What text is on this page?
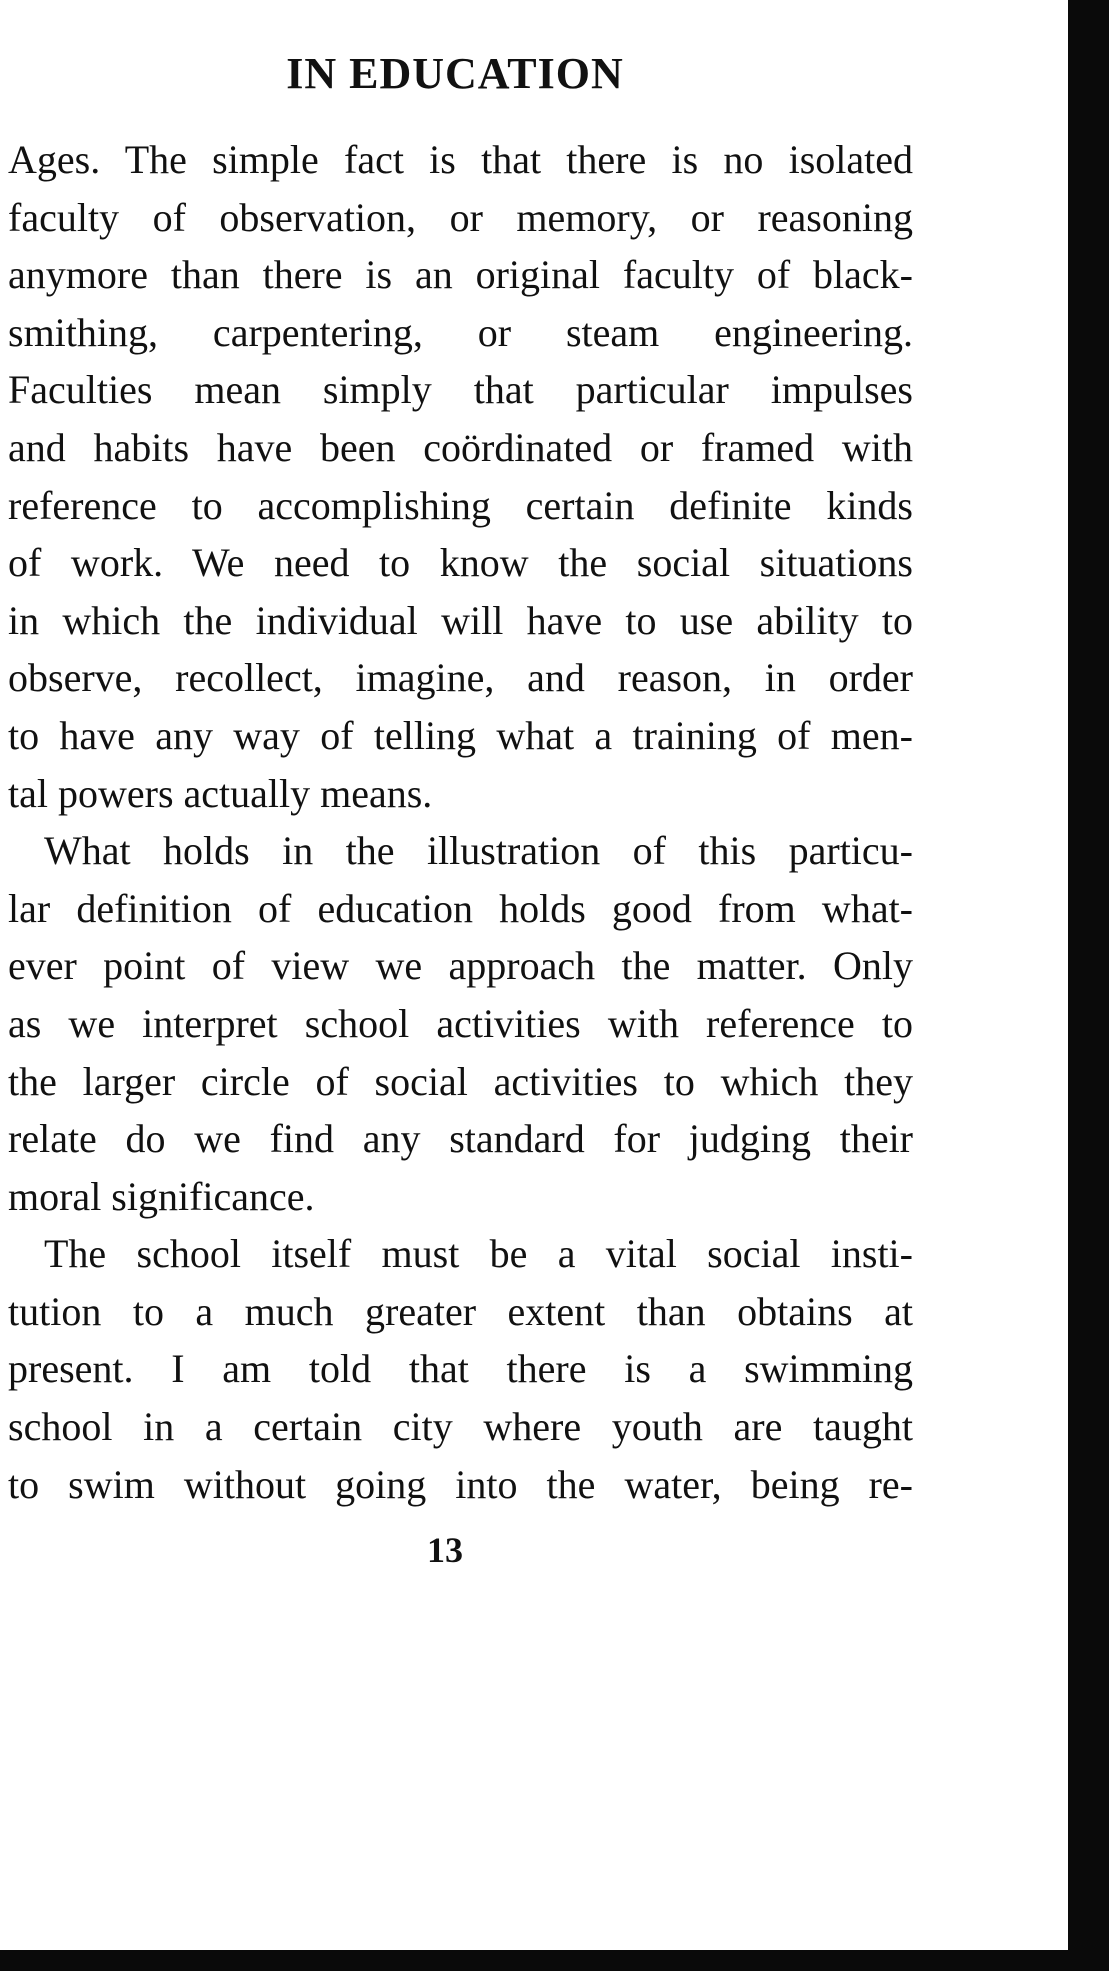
IN EDUCATION
Ages. The simple fact is that there is no isolated
faculty of observation, or memory, or reasoning
anymore than there is an original faculty of black-
smithing, carpentering, or steam engineering.
Faculties mean simply that particular impulses
and habits have been coördinated or framed with
reference to accomplishing certain definite kinds
of work. We need to know the social situations
in which the individual will have to use ability to
observe, recollect, imagine, and reason, in order
to have any way of telling what a training of men-
tal powers actually means.
What holds in the illustration of this particu-
lar definition of education holds good from what-
ever point of view we approach the matter. Only
as we interpret school activities with reference to
the larger circle of social activities to which they
relate do we find any standard for judging their
moral significance.
The school itself must be a vital social insti-
tution to a much greater extent than obtains at
present. I am told that there is a swimming
school in a certain city where youth are taught
to swim without going into the water, being re-
13
